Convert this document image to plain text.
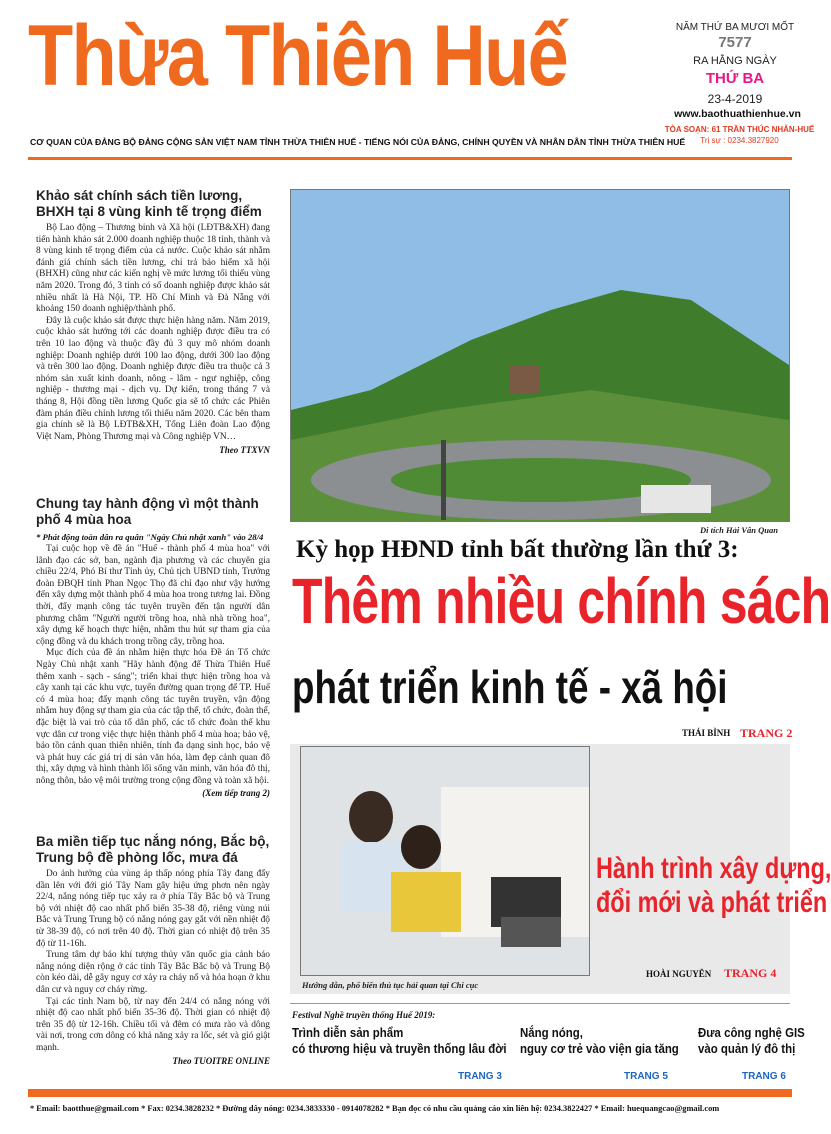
Thừa Thiên Huế	NĂM THỨ BA MƯƠI MỐT
7577
RA HẰNG NGÀY
THỨ BA
23-4-2019
www.baothuathienhue.vn
TÒA SOẠN: 61 TRẦN THÚC NHẪN-HUẾ
Trị sự : 0234.3827920
CƠ QUAN CỦA ĐẢNG BỘ ĐẢNG CỘNG SẢN VIỆT NAM TỈNH THỪA THIÊN HUẾ - TIẾNG NÓI CỦA ĐẢNG, CHÍNH QUYỀN VÀ NHÂN DÂN TỈNH THỪA THIÊN HUẾ
Khảo sát chính sách tiền lương, BHXH tại 8 vùng kinh tế trọng điểm

Bộ Lao động – Thương binh và Xã hội (LĐTB&XH) đang tiến hành khảo sát 2.000 doanh nghiệp thuộc 18 tỉnh, thành và 8 vùng kinh tế trọng điểm của cả nước. Cuộc khảo sát nhằm đánh giá chính sách tiền lương, chi trả bảo hiểm xã hội (BHXH) cũng như các kiến nghị về mức lương tối thiểu vùng năm 2020. Trong đó, 3 tỉnh có số doanh nghiệp được khảo sát nhiều nhất là Hà Nội, TP. Hồ Chí Minh và Đà Nẵng với khoảng 150 doanh nghiệp/thành phố.

Đây là cuộc khảo sát được thực hiện hàng năm. Năm 2019, cuộc khảo sát hướng tới các doanh nghiệp được điều tra có trên 10 lao động và thuộc đầy đủ 3 quy mô nhóm doanh nghiệp: Doanh nghiệp dưới 100 lao động, dưới 300 lao động và trên 300 lao động. Doanh nghiệp được điều tra thuộc cả 3 nhóm sản xuất kinh doanh, nông - lâm - ngư nghiệp, công nghiệp - thương mại - dịch vụ. Dự kiến, trong tháng 7 và tháng 8, Hội đồng tiền lương Quốc gia sẽ tổ chức các Phiên đàm phán điều chỉnh lương tối thiểu năm 2020. Các bên tham gia chính sẽ là Bộ LĐTB&XH, Tổng Liên đoàn Lao động Việt Nam, Phòng Thương mại và Công nghiệp VN…

Theo TTXVN
Chung tay hành động vì một thành phố 4 mùa hoa
* Phát động toàn dân ra quân "Ngày Chủ nhật xanh" vào 28/4

Tại cuộc họp về đề án "Huế - thành phố 4 mùa hoa" với lãnh đạo các sở, ban, ngành địa phương và các chuyên gia chiều 22/4, Phó Bí thư Tỉnh ủy, Chủ tịch UBND tỉnh, Trưởng đoàn ĐBQH tỉnh Phan Ngọc Thọ đã chỉ đạo như vậy hướng đến xây dựng một thành phố 4 mùa hoa trong tương lai. Đồng thời, đẩy mạnh công tác tuyên truyền đến tận người dân phương châm "Người người trồng hoa, nhà nhà trồng hoa", xây dựng kế hoạch thực hiện, nhằm thu hút sự tham gia của cộng đồng và du khách trong trồng cây, trồng hoa.

Mục đích của đề án nhằm hiện thực hóa Đề án Tổ chức Ngày Chủ nhật xanh "Hãy hành động để Thừa Thiên Huế thêm xanh - sạch - sáng"; triển khai thực hiện trồng hoa và cây xanh tại các khu vực, tuyến đường quan trọng để TP. Huế có 4 mùa hoa; đẩy mạnh công tác tuyên truyền, vận động nhằm huy động sự tham gia của các tập thể, tổ chức, đoàn thể, đặc biệt là vai trò của tổ dân phố, các tổ chức đoàn thể khu vực dân cư trong việc thực hiện thành phố 4 mùa hoa; bảo vệ, bảo tồn cảnh quan thiên nhiên, tính đa dạng sinh học, bảo vệ và phát huy các giá trị di sản văn hóa, làm đẹp cảnh quan đô thị, xây dựng và hình thành lối sống văn minh, văn hóa đô thị, nông thôn, bảo vệ môi trường trong cộng đồng và toàn xã hội.

(Xem tiếp trang 2)
Ba miền tiếp tục nắng nóng, Bắc bộ, Trung bộ đề phòng lốc, mưa đá

Do ảnh hưởng của vùng áp thấp nóng phía Tây đang đẩy dần lên với đới gió Tây Nam gây hiệu ứng phơn nên ngày 22/4, nắng nóng tiếp tục xảy ra ở phía Tây Bắc bộ và Trung bộ với nhiệt độ cao nhất phổ biến 35-38 độ, riêng vùng núi Bắc và Trung Trung bộ có nắng nóng gay gắt với nền nhiệt độ từ 38-39 độ, có nơi trên 40 độ. Thời gian có nhiệt độ trên 35 độ từ 11-16h.

Trung tâm dự báo khí tượng thủy văn quốc gia cảnh báo nắng nóng diện rộng ở các tỉnh Tây Bắc Bắc bộ và Trung Bộ còn kéo dài, dễ gây nguy cơ xảy ra cháy nổ và hỏa hoạn ở khu dân cư và nguy cơ cháy rừng.

Tại các tỉnh Nam bộ, từ nay đến 24/4 có nắng nóng với nhiệt độ cao nhất phổ biến 35-36 độ. Thời gian có nhiệt độ trên 35 độ từ 12-16h. Chiều tối và đêm có mưa rào và dông vài nơi, trong cơn dông có khả năng xảy ra lốc, sét và gió giật mạnh.

Theo TUOITRE ONLINE
Di tích Hải Vân Quan
Kỳ họp HĐND tỉnh bất thường lần thứ 3:
Thêm nhiều chính sách
phát triển kinh tế - xã hội
THÁI BÌNH TRANG 2
Hướng dẫn, phổ biến thủ tục hải quan tại Chi cục
Hành trình xây dựng,
đổi mới và phát triển
HOÀI NGUYÊN TRANG 4
Festival Nghề truyền thống Huế 2019:
Trình diễn sản phẩm
có thương hiệu và truyền thống lâu đời
TRANG 3
Nắng nóng,
nguy cơ trẻ vào viện gia tăng
TRANG 5
Đưa công nghệ GIS
vào quản lý đô thị
TRANG 6
* Email: baotthue@gmail.com * Fax: 0234.3828232 * Đường dây nóng: 0234.3833330 - 0914078282 * Bạn đọc có nhu cầu quảng cáo xin liên hệ: 0234.3822427 * Email: huequangcao@gmail.com
